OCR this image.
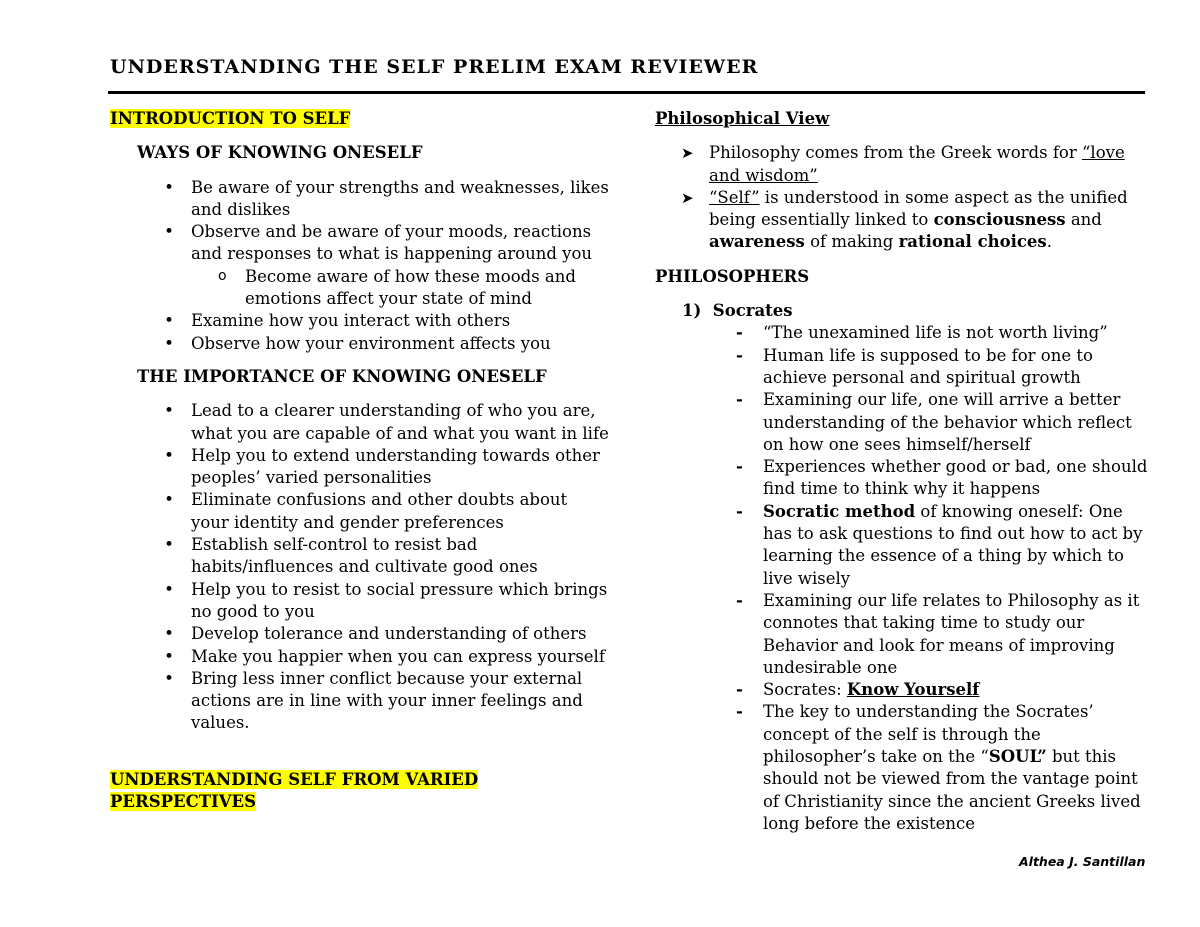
UNDERSTANDING THE SELF PRELIM EXAM REVIEWER

INTRODUCTION TO SELF

WAYS OF KNOWING ONESELF

• Be aware of your strengths and weaknesses, likes and dislikes
• Observe and be aware of your moods, reactions and responses to what is happening around you
o Become aware of how these moods and emotions affect your state of mind
• Examine how you interact with others
• Observe how your environment affects you

THE IMPORTANCE OF KNOWING ONESELF

• Lead to a clearer understanding of who you are, what you are capable of and what you want in life
• Help you to extend understanding towards other peoples’ varied personalities
• Eliminate confusions and other doubts about your identity and gender preferences
• Establish self-control to resist bad habits/influences and cultivate good ones
• Help you to resist to social pressure which brings no good to you
• Develop tolerance and understanding of others
• Make you happier when you can express yourself
• Bring less inner conflict because your external actions are in line with your inner feelings and values.

UNDERSTANDING SELF FROM VARIED

PERSPECTIVES

Philosophical View

➤ Philosophy comes from the Greek words for “love and wisdom”
➤ “Self” is understood in some aspect as the unified being essentially linked to consciousness and awareness of making rational choices.

PHILOSOPHERS

1) Socrates

- “The unexamined life is not worth living”
- Human life is supposed to be for one to achieve personal and spiritual growth
- Examining our life, one will arrive a better understanding of the behavior which reflect on how one sees himself/herself
- Experiences whether good or bad, one should find time to think why it happens
- Socratic method of knowing oneself: One has to ask questions to find out how to act by learning the essence of a thing by which to live wisely
- Examining our life relates to Philosophy as it connotes that taking time to study our Behavior and look for means of improving undesirable one
- Socrates: Know Yourself
- The key to understanding the Socrates’ concept of the self is through the philosopher’s take on the “SOUL” but this should not be viewed from the vantage point of Christianity since the ancient Greeks lived long before the existence
Althea J. Santillan
